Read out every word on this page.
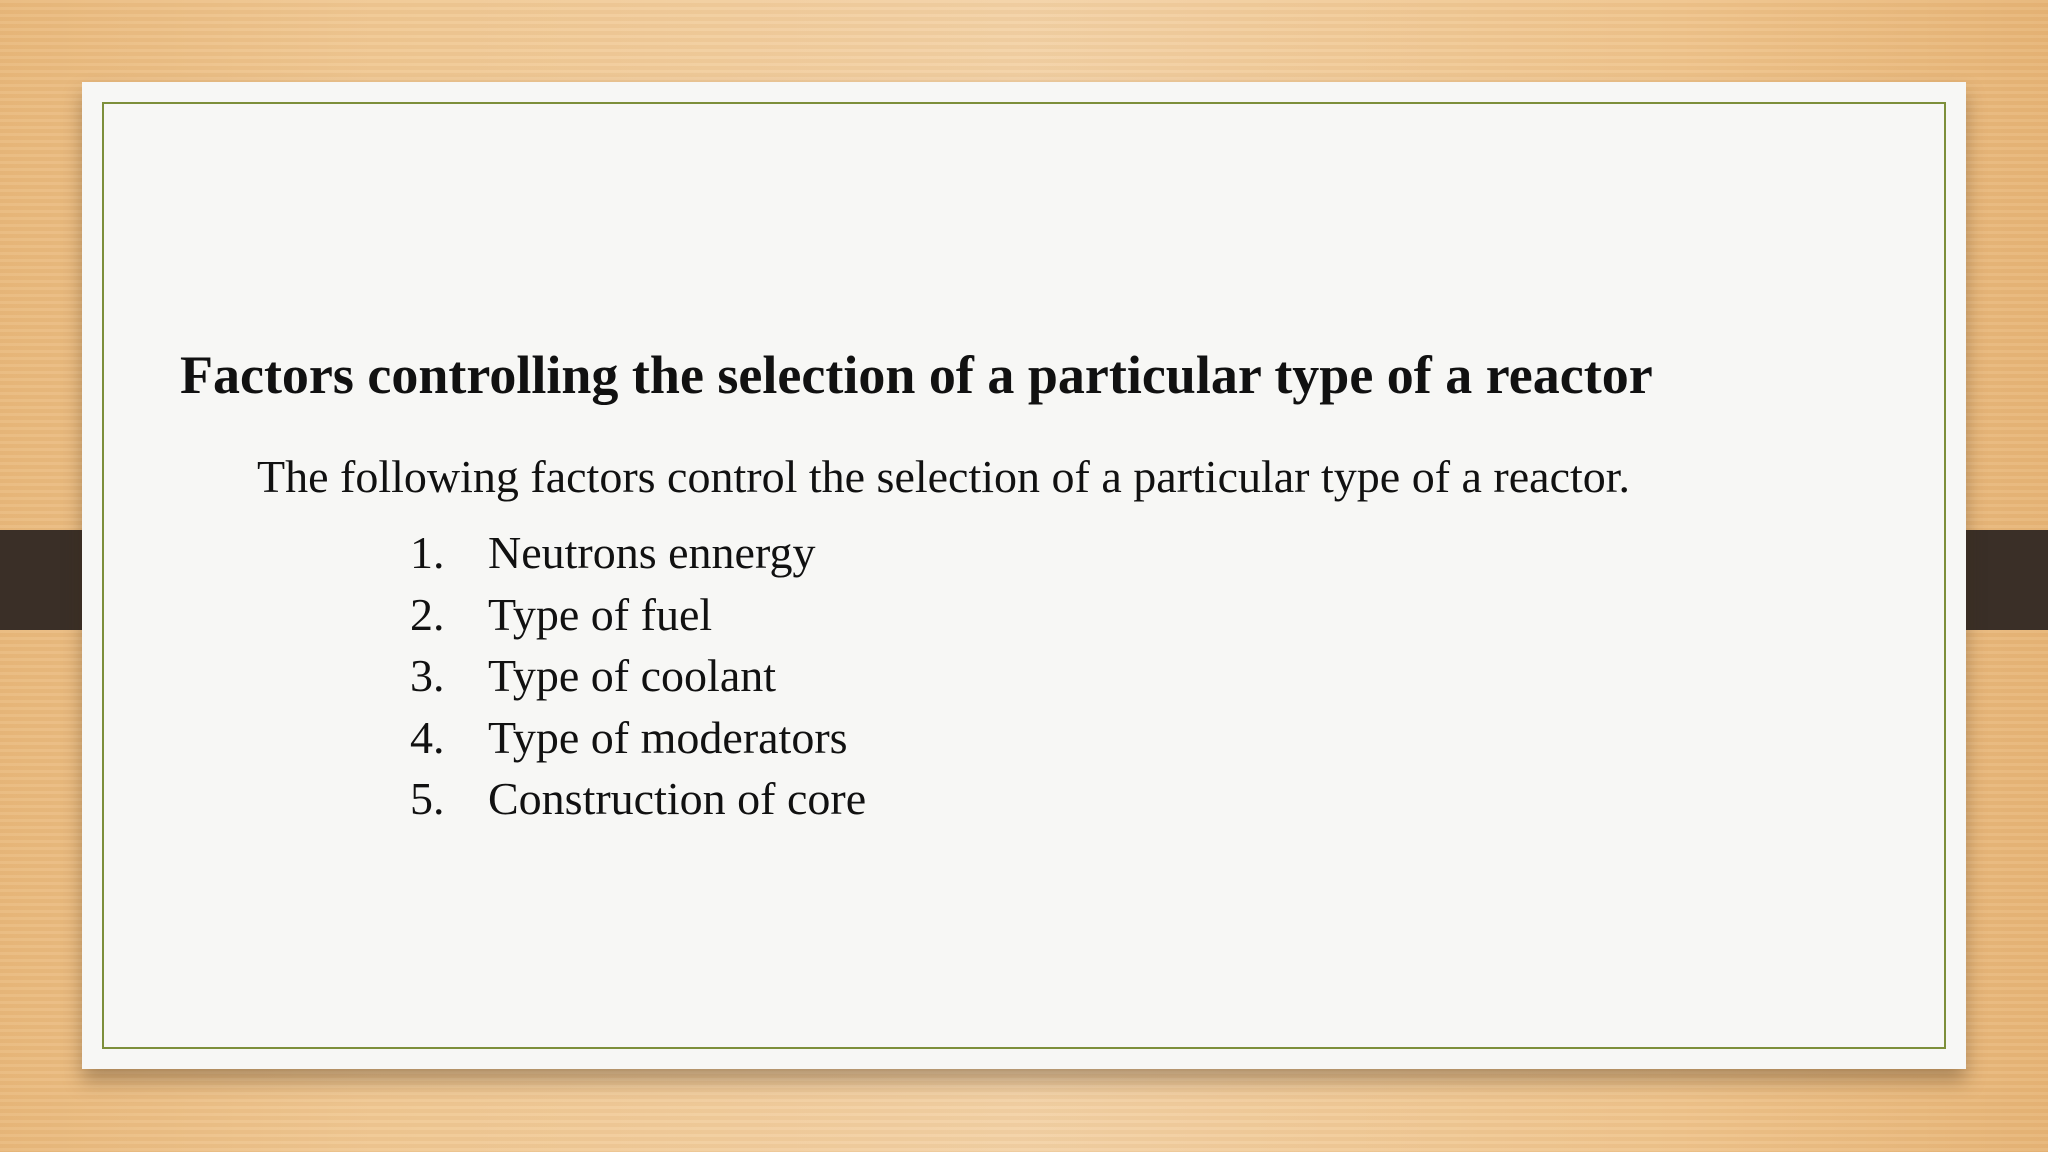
Factors controlling the selection of a particular type of a reactor

The following factors control the selection of a particular type of a reactor.

1. Neutrons ennergy
2. Type of fuel
3. Type of coolant
4. Type of moderators
5. Construction of core
